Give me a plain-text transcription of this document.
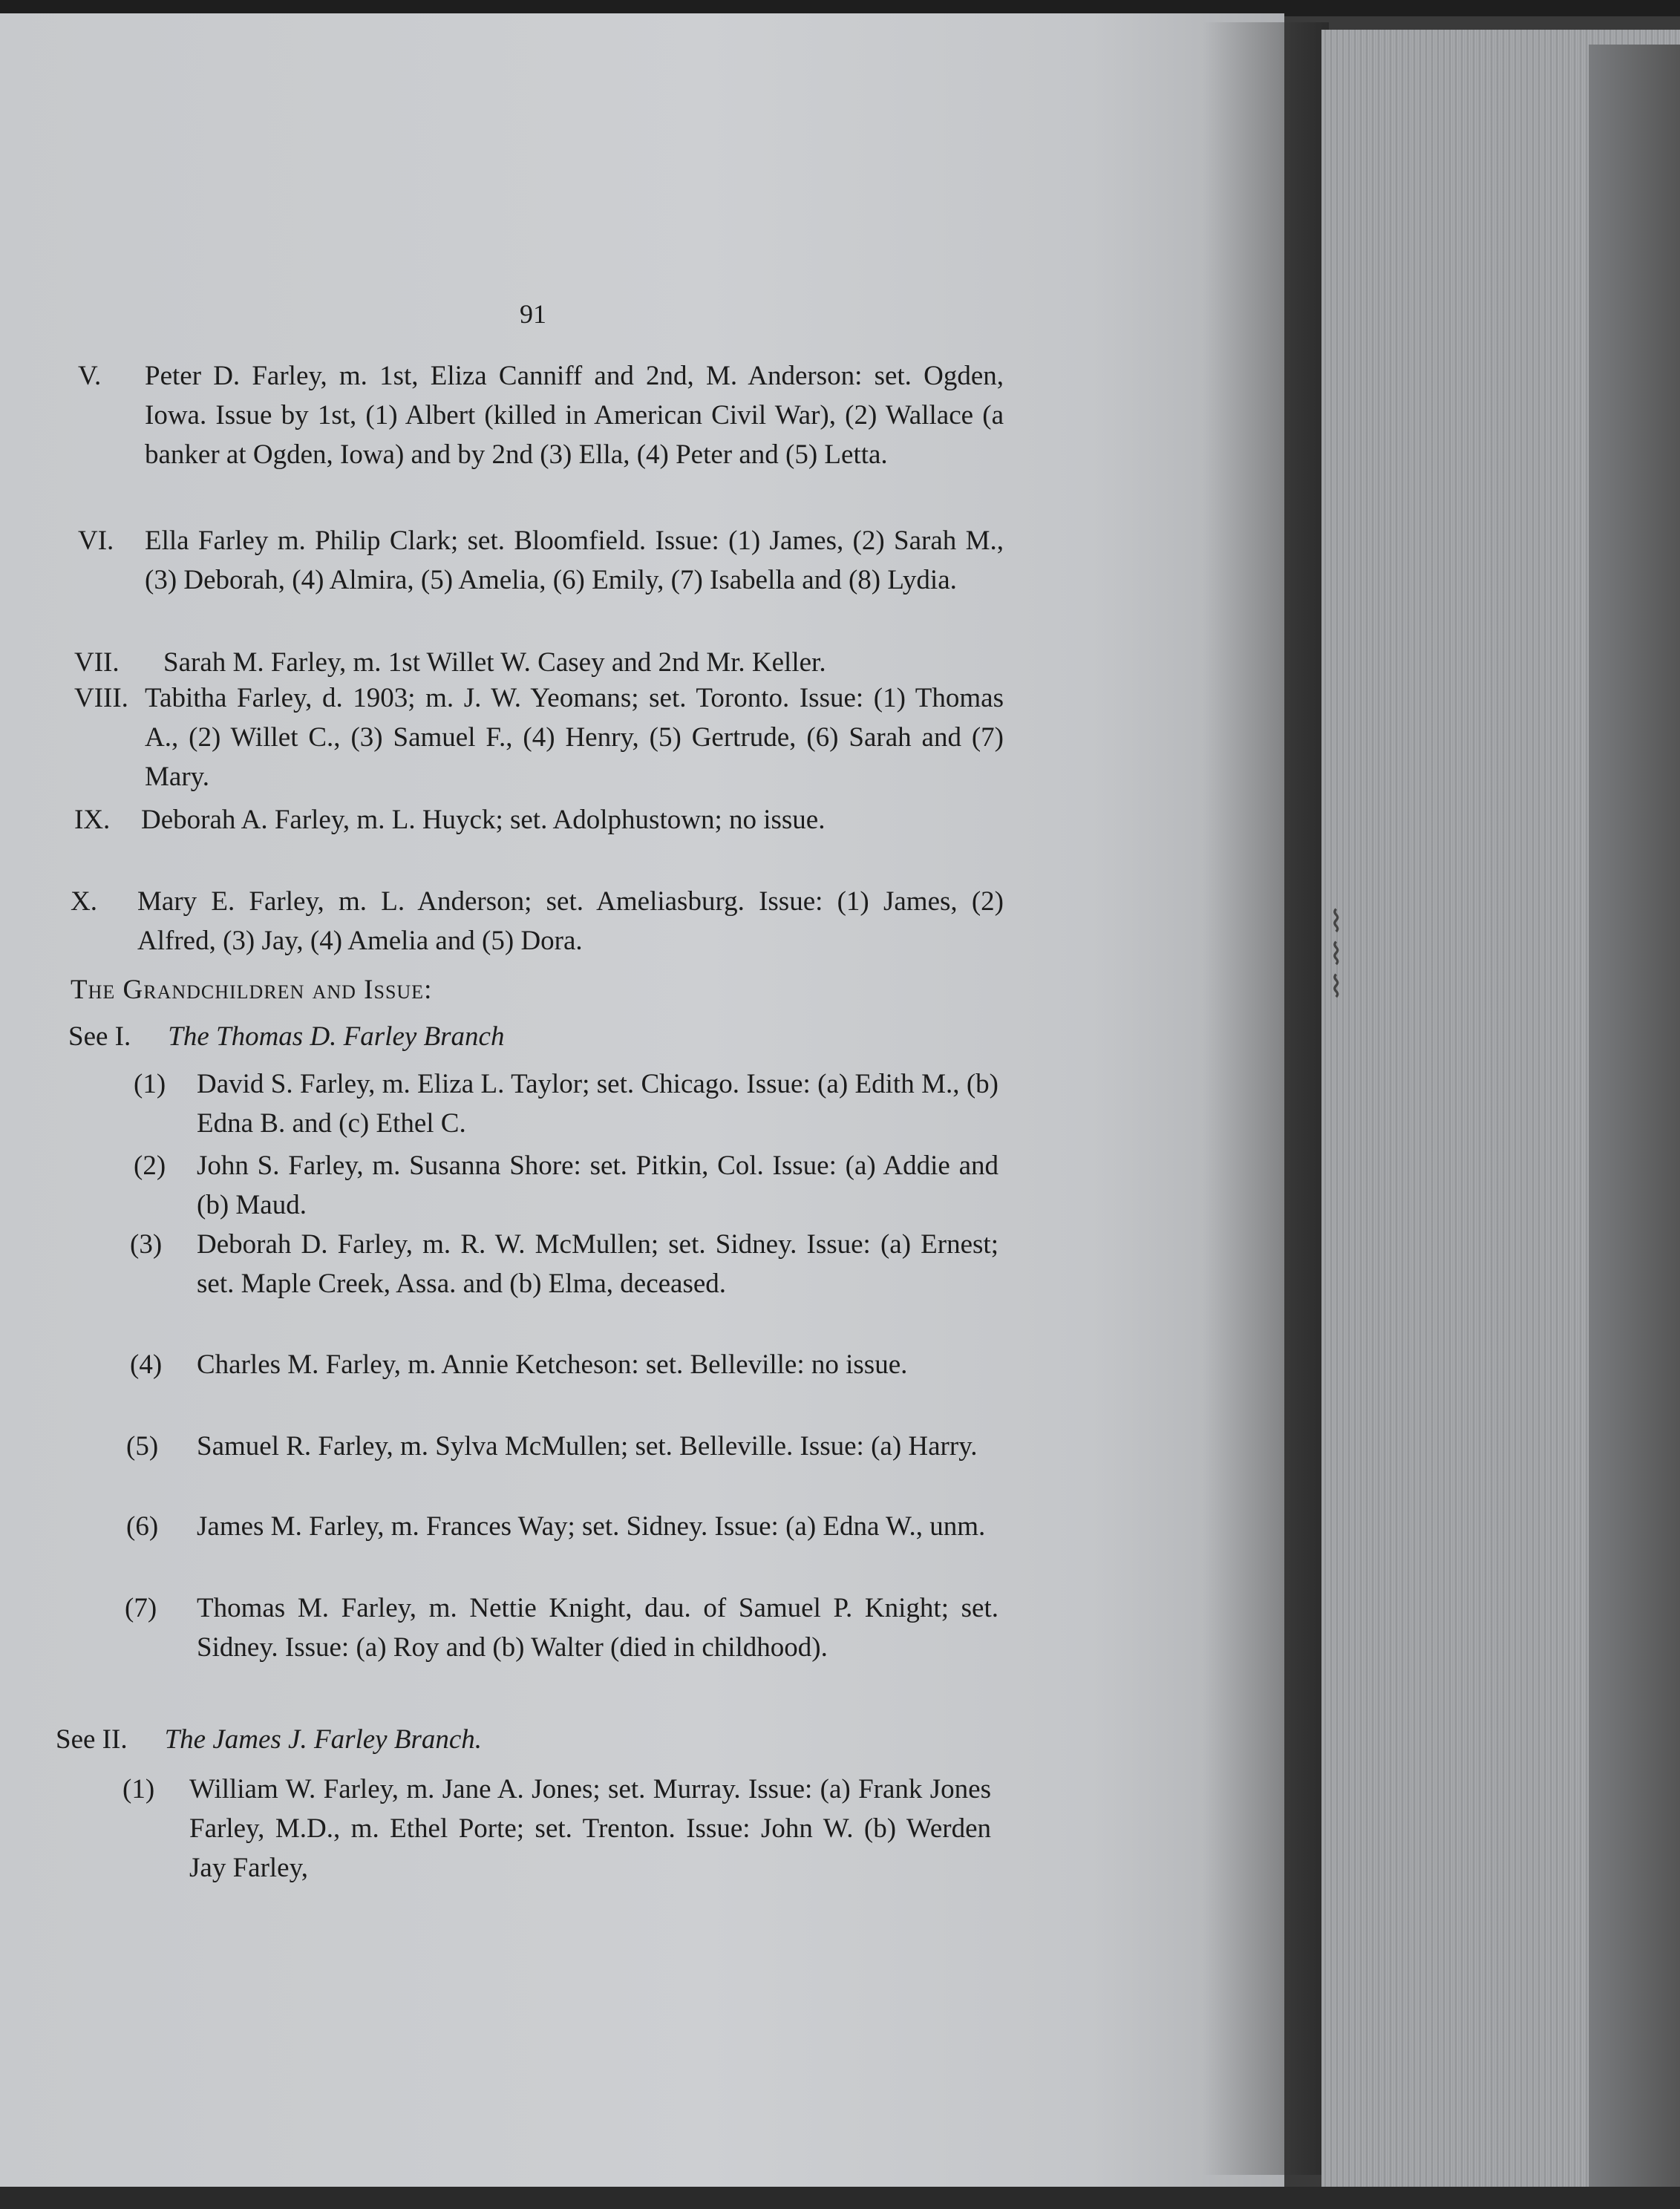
⌇
⌇
⌇
91
V. Peter D. Farley, m. 1st, Eliza Canniff and 2nd, M. Anderson: set. Ogden, Iowa. Issue by 1st, (1) Albert (killed in American Civil War), (2) Wallace (a banker at Ogden, Iowa) and by 2nd (3) Ella, (4) Peter and (5) Letta.
VI. Ella Farley m. Philip Clark; set. Bloomfield. Issue: (1) James, (2) Sarah M., (3) Deborah, (4) Almira, (5) Amelia, (6) Emily, (7) Isabella and (8) Lydia.
VII. Sarah M. Farley, m. 1st Willet W. Casey and 2nd Mr. Keller.
VIII. Tabitha Farley, d. 1903; m. J. W. Yeomans; set. Toronto. Issue: (1) Thomas A., (2) Willet C., (3) Samuel F., (4) Henry, (5) Gertrude, (6) Sarah and (7) Mary.
IX. Deborah A. Farley, m. L. Huyck; set. Adolphustown; no issue.
X. Mary E. Farley, m. L. Anderson; set. Ameliasburg. Issue: (1) James, (2) Alfred, (3) Jay, (4) Amelia and (5) Dora.
The Grandchildren and Issue:
See I. The Thomas D. Farley Branch
(1) David S. Farley, m. Eliza L. Taylor; set. Chicago. Issue: (a) Edith M., (b) Edna B. and (c) Ethel C.
(2) John S. Farley, m. Susanna Shore: set. Pitkin, Col. Issue: (a) Addie and (b) Maud.
(3) Deborah D. Farley, m. R. W. McMullen; set. Sidney. Issue: (a) Ernest; set. Maple Creek, Assa. and (b) Elma, deceased.
(4) Charles M. Farley, m. Annie Ketcheson: set. Belleville: no issue.
(5) Samuel R. Farley, m. Sylva McMullen; set. Belleville. Issue: (a) Harry.
(6) James M. Farley, m. Frances Way; set. Sidney. Issue: (a) Edna W., unm.
(7) Thomas M. Farley, m. Nettie Knight, dau. of Samuel P. Knight; set. Sidney. Issue: (a) Roy and (b) Walter (died in childhood).
See II. The James J. Farley Branch.
(1) William W. Farley, m. Jane A. Jones; set. Murray. Issue: (a) Frank Jones Farley, M.D., m. Ethel Porte; set. Trenton. Issue: John W. (b) Werden Jay Farley,
